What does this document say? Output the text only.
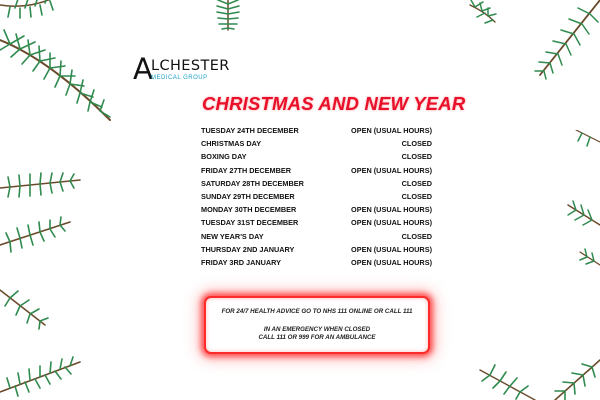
A
LCHESTER
MEDICAL GROUP
CHRISTMAS AND NEW YEAR
TUESDAY 24TH DECEMBER	OPEN (USUAL HOURS)
CHRISTMAS DAY	CLOSED
BOXING DAY	CLOSED
FRIDAY 27TH DECEMBER	OPEN (USUAL HOURS)
SATURDAY 28TH DECEMBER	CLOSED
SUNDAY 29TH DECEMBER	CLOSED
MONDAY 30TH DECEMBER	OPEN (USUAL HOURS)
TUESDAY 31ST DECEMBER	OPEN (USUAL HOURS)
NEW YEAR'S DAY	CLOSED
THURSDAY 2ND JANUARY	OPEN (USUAL HOURS)
FRIDAY 3RD JANUARY	OPEN (USUAL HOURS)
FOR 24/7 HEALTH ADVICE GO TO NHS 111 ONLINE OR CALL 111
IN AN EMERGENCY WHEN CLOSED
CALL 111 OR 999 FOR AN AMBULANCE
